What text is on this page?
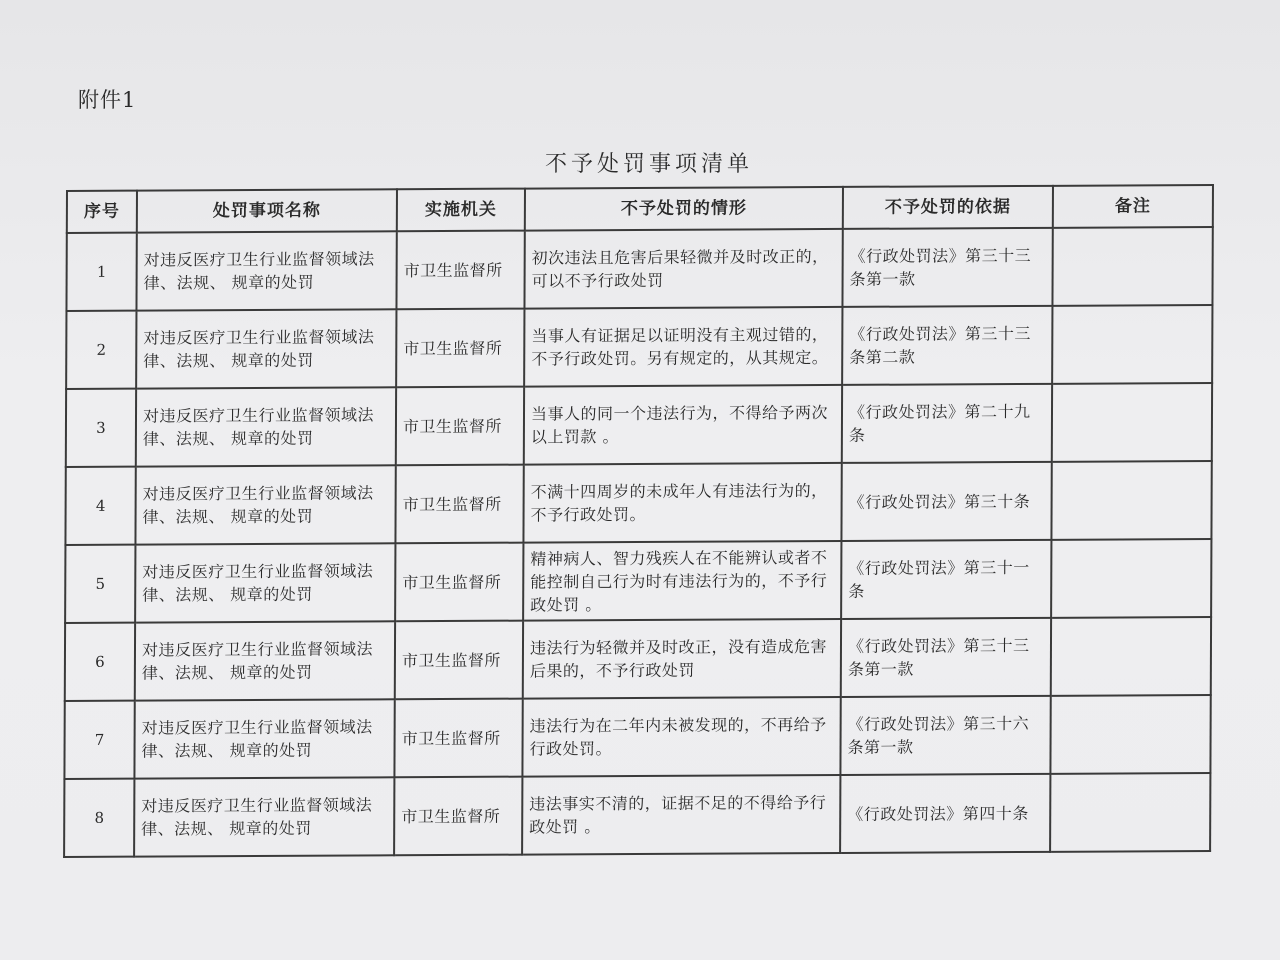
附件1
不予处罚事项清单
序号	处罚事项名称	实施机关	不予处罚的情形	不予处罚的依据	备注
1	对违反医疗卫生行业监督领域法律、法规、 规章的处罚	市卫生监督所	初次违法且危害后果轻微并及时改正的，可以不予行政处罚	《行政处罚法》第三十三条第一款	
2	对违反医疗卫生行业监督领域法律、法规、 规章的处罚	市卫生监督所	当事人有证据足以证明没有主观过错的，不予行政处罚。另有规定的，从其规定。	《行政处罚法》第三十三条第二款	
3	对违反医疗卫生行业监督领域法律、法规、 规章的处罚	市卫生监督所	当事人的同一个违法行为，不得给予两次以上罚款 。	《行政处罚法》第二十九条	
4	对违反医疗卫生行业监督领域法律、法规、 规章的处罚	市卫生监督所	不满十四周岁的未成年人有违法行为的，不予行政处罚。	《行政处罚法》第三十条	
5	对违反医疗卫生行业监督领域法律、法规、 规章的处罚	市卫生监督所	精神病人、智力残疾人在不能辨认或者不能控制自己行为时有违法行为的，不予行政处罚 。	《行政处罚法》第三十一条	
6	对违反医疗卫生行业监督领域法律、法规、 规章的处罚	市卫生监督所	违法行为轻微并及时改正，没有造成危害后果的，不予行政处罚	《行政处罚法》第三十三条第一款	
7	对违反医疗卫生行业监督领域法律、法规、 规章的处罚	市卫生监督所	违法行为在二年内未被发现的，不再给予行政处罚。	《行政处罚法》第三十六条第一款	
8	对违反医疗卫生行业监督领域法律、法规、 规章的处罚	市卫生监督所	违法事实不清的，证据不足的不得给予行政处罚 。	《行政处罚法》第四十条	
